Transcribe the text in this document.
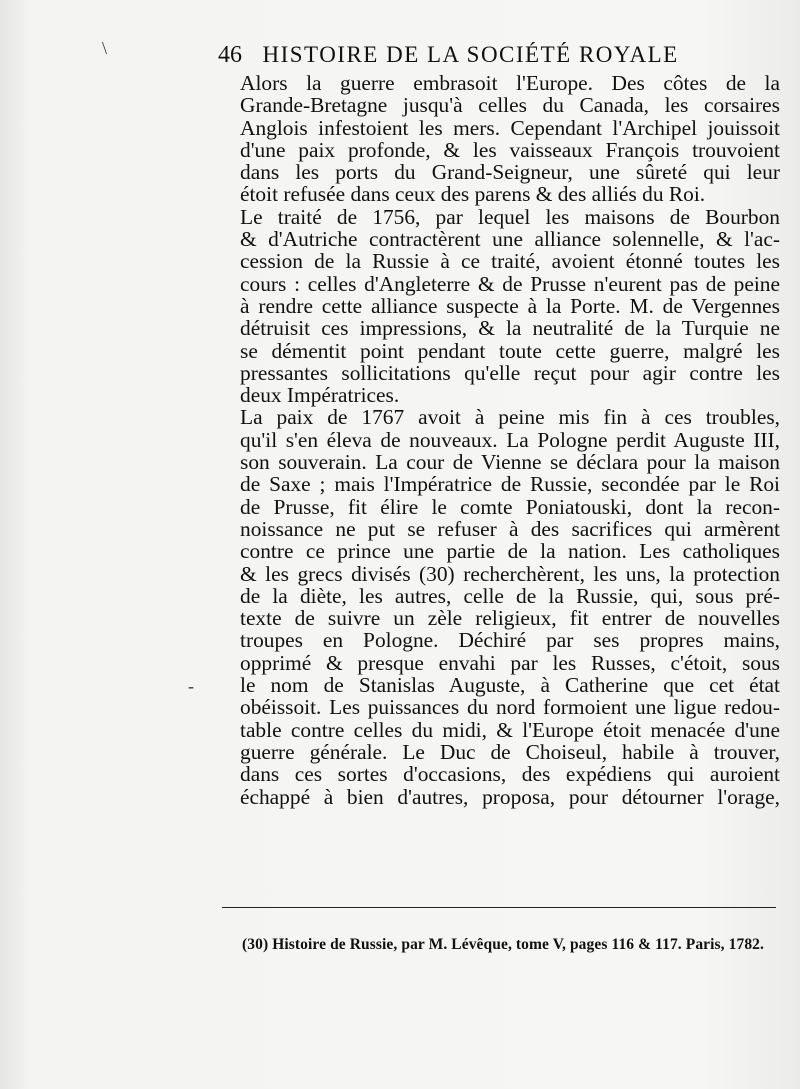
\
-
46 HISTOIRE DE LA SOCIÉTÉ ROYALE
Alors la guerre embrasoit l'Europe. Des côtes de la
Grande-Bretagne jusqu'à celles du Canada, les corsaires
Anglois infestoient les mers. Cependant l'Archipel jouissoit
d'une paix profonde, & les vaisseaux François trouvoient
dans les ports du Grand-Seigneur, une sûreté qui leur
étoit refusée dans ceux des parens & des alliés du Roi.
Le traité de 1756, par lequel les maisons de Bourbon
& d'Autriche contractèrent une alliance solennelle, & l'ac-
cession de la Russie à ce traité, avoient étonné toutes les
cours : celles d'Angleterre & de Prusse n'eurent pas de peine
à rendre cette alliance suspecte à la Porte. M. de Vergennes
détruisit ces impressions, & la neutralité de la Turquie ne
se démentit point pendant toute cette guerre, malgré les
pressantes sollicitations qu'elle reçut pour agir contre les
deux Impératrices.
La paix de 1767 avoit à peine mis fin à ces troubles,
qu'il s'en éleva de nouveaux. La Pologne perdit Auguste III,
son souverain. La cour de Vienne se déclara pour la maison
de Saxe ; mais l'Impératrice de Russie, secondée par le Roi
de Prusse, fit élire le comte Poniatouski, dont la recon-
noissance ne put se refuser à des sacrifices qui armèrent
contre ce prince une partie de la nation. Les catholiques
& les grecs divisés (30) recherchèrent, les uns, la protection
de la diète, les autres, celle de la Russie, qui, sous pré-
texte de suivre un zèle religieux, fit entrer de nouvelles
troupes en Pologne. Déchiré par ses propres mains,
opprimé & presque envahi par les Russes, c'étoit, sous
le nom de Stanislas Auguste, à Catherine que cet état
obéissoit. Les puissances du nord formoient une ligue redou-
table contre celles du midi, & l'Europe étoit menacée d'une
guerre générale. Le Duc de Choiseul, habile à trouver,
dans ces sortes d'occasions, des expédiens qui auroient
échappé à bien d'autres, proposa, pour détourner l'orage,
(30) Histoire de Russie, par M. Lévêque, tome V, pages 116 & 117. Paris, 1782.
